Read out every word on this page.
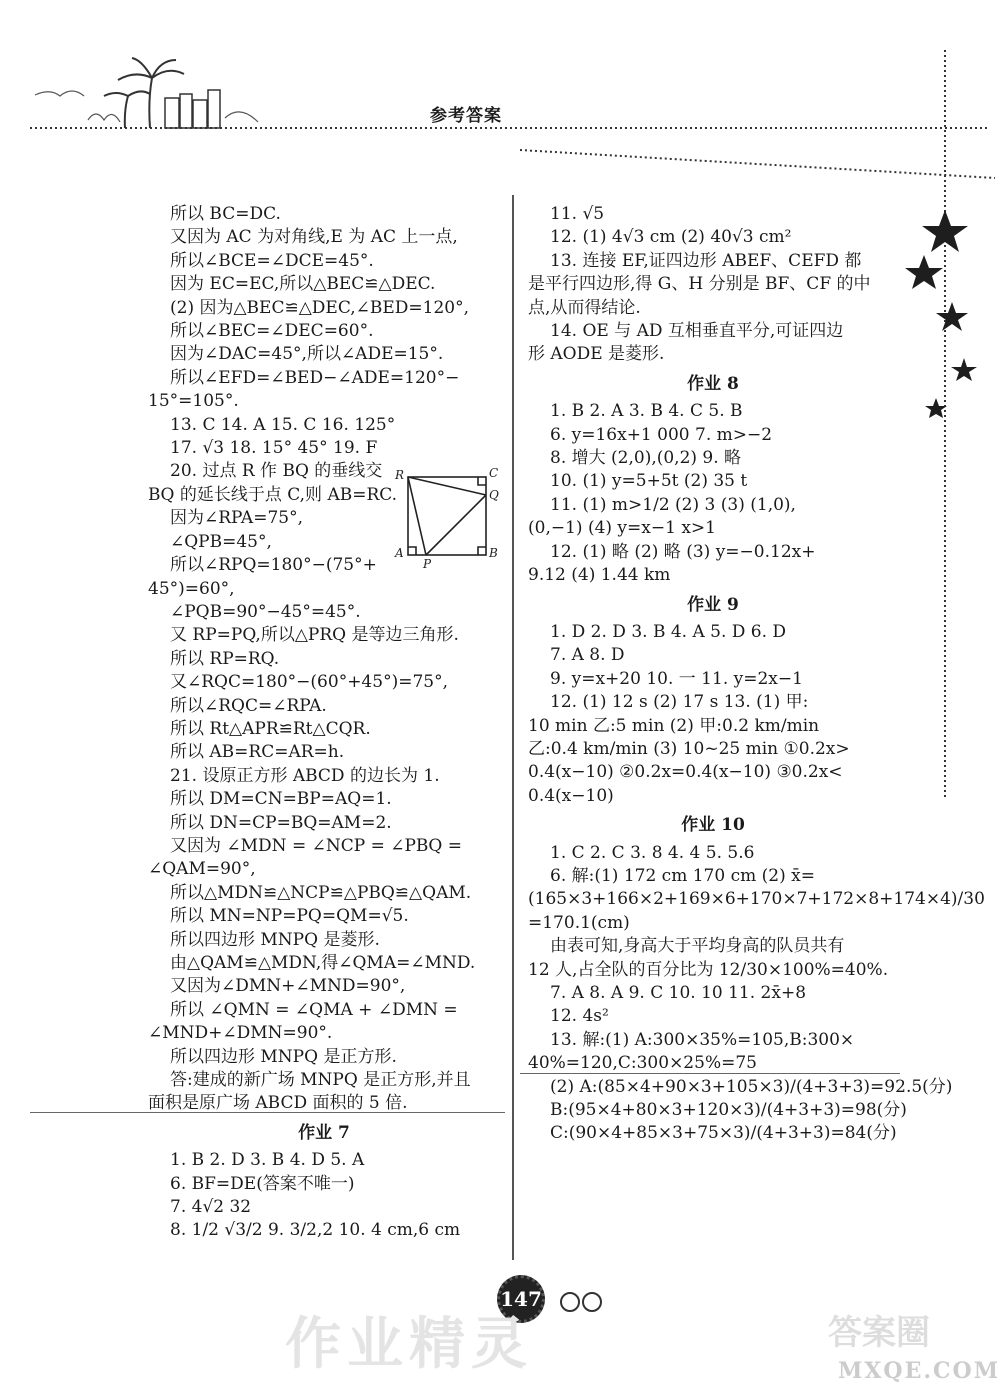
参考答案

所以 BC=DC.

又因为 AC 为对角线,E 为 AC 上一点,

所以∠BCE=∠DCE=45°.

因为 EC=EC,所以△BEC≌△DEC.

(2) 因为△BEC≌△DEC,∠BED=120°,

所以∠BEC=∠DEC=60°.

因为∠DAC=45°,所以∠ADE=15°.

所以∠EFD=∠BED−∠ADE=120°−

15°=105°.

13. C 14. A 15. C 16. 125°

17. √3 18. 15° 45° 19. F

20. 过点 R 作 BQ 的垂线交

BQ 的延长线于点 C,则 AB=RC.

因为∠RPA=75°,

∠QPB=45°,

所以∠RPQ=180°−(75°+

45°)=60°,

∠PQB=90°−45°=45°.

又 RP=PQ,所以△PRQ 是等边三角形.

所以 RP=RQ.

又∠RQC=180°−(60°+45°)=75°,

所以∠RQC=∠RPA.

所以 Rt△APR≌Rt△CQR.

所以 AB=RC=AR=h.

21. 设原正方形 ABCD 的边长为 1.

所以 DM=CN=BP=AQ=1.

所以 DN=CP=BQ=AM=2.

又因为 ∠MDN = ∠NCP = ∠PBQ =

∠QAM=90°,

所以△MDN≌△NCP≌△PBQ≌△QAM.

所以 MN=NP=PQ=QM=√5.

所以四边形 MNPQ 是菱形.

由△QAM≌△MDN,得∠QMA=∠MND.

又因为∠DMN+∠MND=90°,

所以 ∠QMN = ∠QMA + ∠DMN =

∠MND+∠DMN=90°.

所以四边形 MNPQ 是正方形.

答:建成的新广场 MNPQ 是正方形,并且

面积是原广场 ABCD 面积的 5 倍.

作业 7

1. B 2. D 3. B 4. D 5. A

6. BF=DE(答案不唯一)

7. 4√2 32

8. 1/2 √3/2 9. 3/2,2 10. 4 cm,6 cm

R	C
Q
A
P
B

11. √5

12. (1) 4√3 cm (2) 40√3 cm²

13. 连接 EF,证四边形 ABEF、CEFD 都

是平行四边形,得 G、H 分别是 BF、CF 的中

点,从而得结论.

14. OE 与 AD 互相垂直平分,可证四边

形 AODE 是菱形.

作业 8

1. B 2. A 3. B 4. C 5. B

6. y=16x+1 000 7. m>−2

8. 增大 (2,0),(0,2) 9. 略

10. (1) y=5+5t (2) 35 t

11. (1) m>1/2 (2) 3 (3) (1,0),

(0,−1) (4) y=x−1 x>1

12. (1) 略 (2) 略 (3) y=−0.12x+

9.12 (4) 1.44 km

作业 9

1. D 2. D 3. B 4. A 5. D 6. D

7. A 8. D

9. y=x+20 10. 一 11. y=2x−1

12. (1) 12 s (2) 17 s 13. (1) 甲:

10 min 乙:5 min (2) 甲:0.2 km/min

乙:0.4 km/min (3) 10~25 min ①0.2x>

0.4(x−10) ②0.2x=0.4(x−10) ③0.2x<

0.4(x−10)

作业 10

1. C 2. C 3. 8 4. 4 5. 5.6

6. 解:(1) 172 cm 170 cm (2) x̄=

(165×3+166×2+169×6+170×7+172×8+174×4)/30

=170.1(cm)

由表可知,身高大于平均身高的队员共有

12 人,占全队的百分比为 12/30×100%=40%.

7. A 8. A 9. C 10. 10 11. 2x̄+8

12. 4s²

13. 解:(1) A:300×35%=105,B:300×

40%=120,C:300×25%=75

(2) A:(85×4+90×3+105×3)/(4+3+3)=92.5(分)

B:(95×4+80×3+120×3)/(4+3+3)=98(分)

C:(90×4+85×3+75×3)/(4+3+3)=84(分)

147
作业精灵	答案圈
MXQE.COM
